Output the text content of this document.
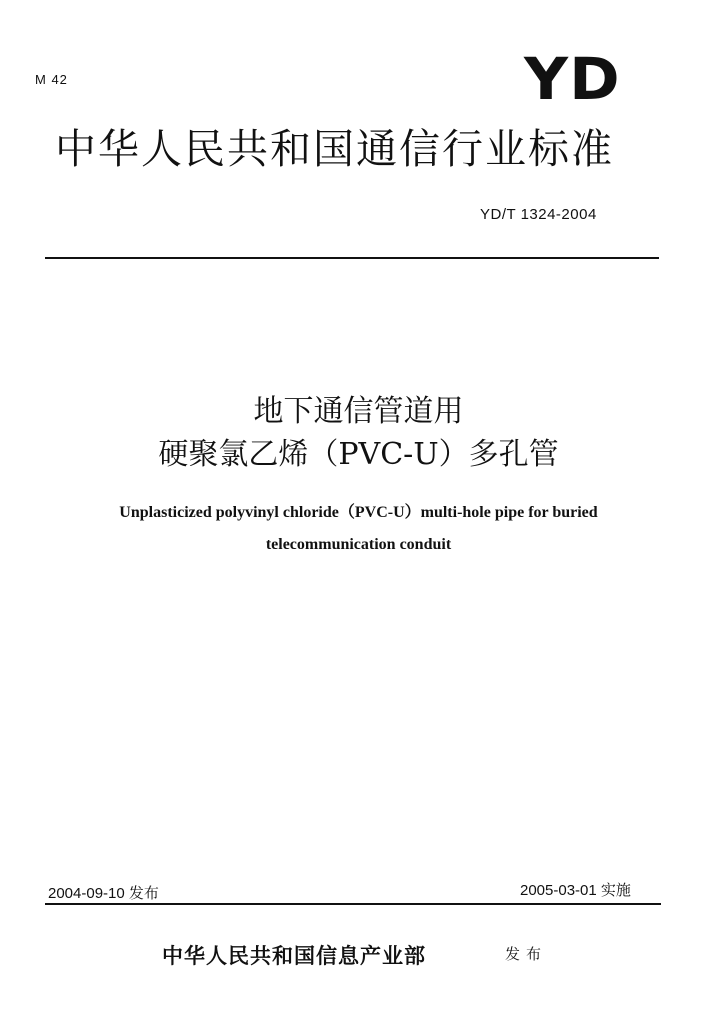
M 42	YD
中华人民共和国通信行业标准
YD/T 1324-2004
地下通信管道用
硬聚氯乙烯（PVC-U）多孔管
Unplasticized polyvinyl chloride（PVC-U）multi-hole pipe for buried
telecommunication conduit
2004-09-10 发布	2005-03-01 实施
中华人民共和国信息产业部	发布
